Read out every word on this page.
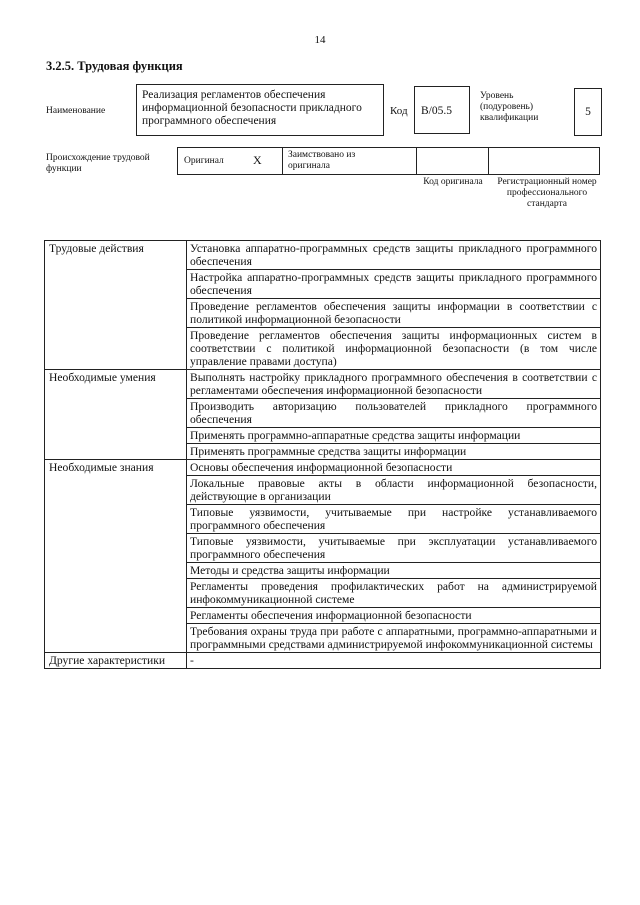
14
3.2.5. Трудовая функция
Наименование
Реализация регламентов обеспечения информационной безопасности прикладного программного обеспечения
Код B/05.5
Уровень (подуровень) квалификации	5
Происхождение трудовой функции
Оригинал X	Заимствовано из оригинала
Код оригинала	Регистрационный номер профессионального стандарта
Трудовые действия	Установка аппаратно-программных средств защиты прикладного программного обеспечения
	Настройка аппаратно-программных средств защиты прикладного программного обеспечения
	Проведение регламентов обеспечения защиты информации в соответствии с политикой информационной безопасности
	Проведение регламентов обеспечения защиты информационных систем в соответствии с политикой информационной безопасности (в том числе управление правами доступа)
Необходимые умения	Выполнять настройку прикладного программного обеспечения в соответствии с регламентами обеспечения информационной безопасности
	Производить авторизацию пользователей прикладного программного обеспечения
	Применять программно-аппаратные средства защиты информации
	Применять программные средства защиты информации
Необходимые знания	Основы обеспечения информационной безопасности
	Локальные правовые акты в области информационной безопасности, действующие в организации
	Типовые уязвимости, учитываемые при настройке устанавливаемого программного обеспечения
	Типовые уязвимости, учитываемые при эксплуатации устанавливаемого программного обеспечения
	Методы и средства защиты информации
	Регламенты проведения профилактических работ на администрируемой инфокоммуникационной системе
	Регламенты обеспечения информационной безопасности
	Требования охраны труда при работе с аппаратными, программно-аппаратными и программными средствами администрируемой инфокоммуникационной системы
Другие характеристики	-
